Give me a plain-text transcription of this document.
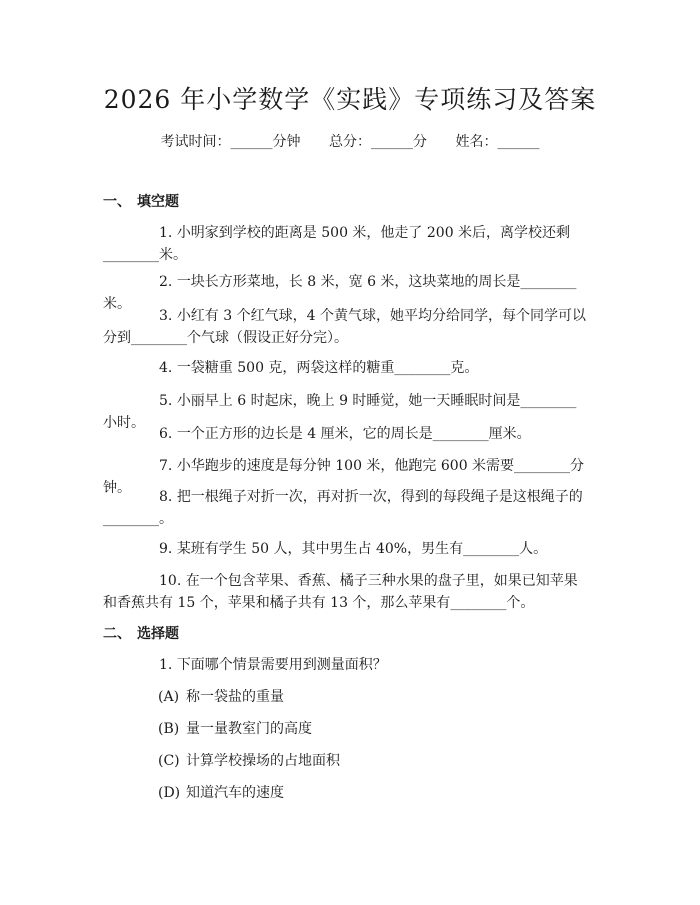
2026 年小学数学《实践》专项练习及答案
考试时间：______分钟 总分：______分 姓名：______
一、 填空题
1. 小明家到学校的距离是 500 米，他走了 200 米后，离学校还剩________米。
2. 一块长方形菜地，长 8 米，宽 6 米，这块菜地的周长是________米。
3. 小红有 3 个红气球，4 个黄气球，她平均分给同学，每个同学可以分到________个气球（假设正好分完）。
4. 一袋糖重 500 克，两袋这样的糖重________克。
5. 小丽早上 6 时起床，晚上 9 时睡觉，她一天睡眠时间是________小时。
6. 一个正方形的边长是 4 厘米，它的周长是________厘米。
7. 小华跑步的速度是每分钟 100 米，他跑完 600 米需要________分钟。
8. 把一根绳子对折一次，再对折一次，得到的每段绳子是这根绳子的________。
9. 某班有学生 50 人，其中男生占 40%，男生有________人。
10. 在一个包含苹果、香蕉、橘子三种水果的盘子里，如果已知苹果和香蕉共有 15 个，苹果和橘子共有 13 个，那么苹果有________个。
二、 选择题
1. 下面哪个情景需要用到测量面积？
(A) 称一袋盐的重量
(B) 量一量教室门的高度
(C) 计算学校操场的占地面积
(D) 知道汽车的速度
